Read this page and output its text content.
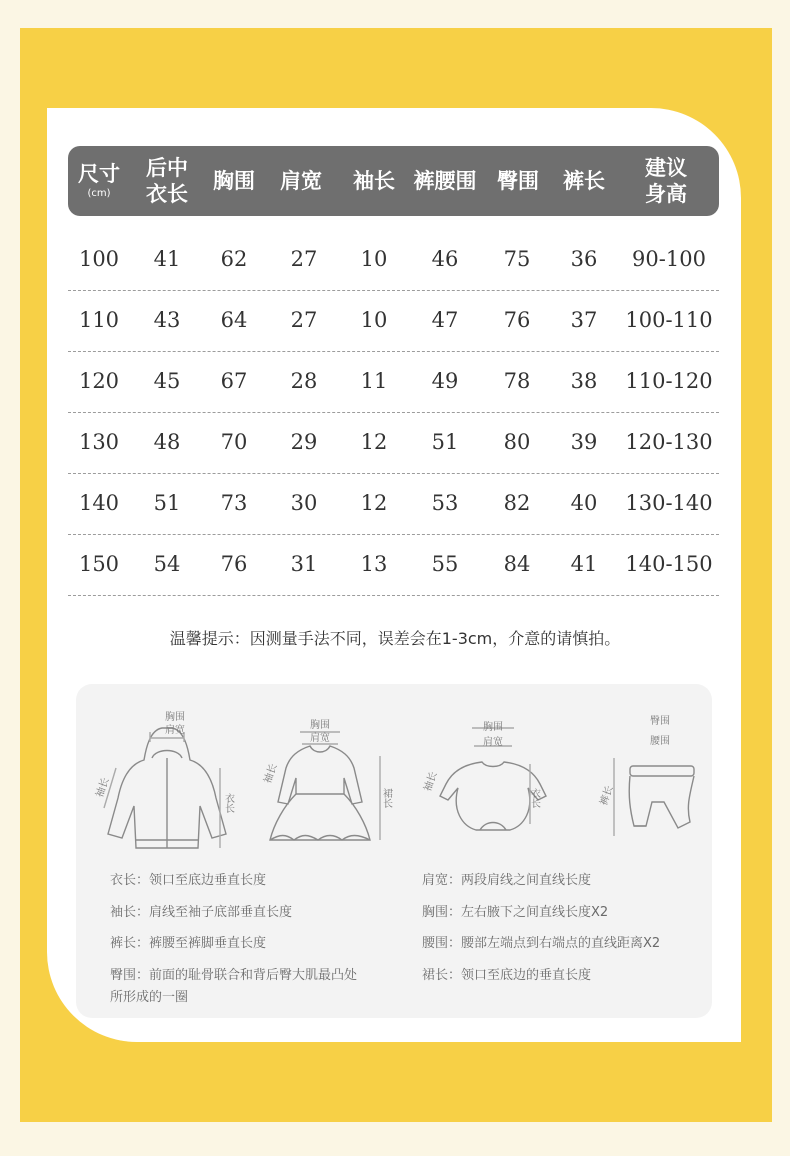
尺寸
(cm)
后中
衣长
胸围 肩宽 袖长 裤腰围 臀围 裤长
建议
身高
100 41 62 27 10 46 75 36 90-100
110 43 64 27 10 47 76 37 100-110
120 45 67 28 11 49 78 38 110-120
130 48 70 29 12 51 80 39 120-130
140 51 73 30 12 53 82 40 130-140
150 54 76 31 13 55 84 41 140-150
温馨提示：因测量手法不同，误差会在1-3cm，介意的请慎拍。
胸围
肩宽
袖长
衣长
胸围
肩宽
袖长
裙长
胸围
肩宽
袖长
衣长
臀围
腰围
裤长
衣长：领口至底边垂直长度
袖长：肩线至袖子底部垂直长度
裤长：裤腰至裤脚垂直长度
臀围：前面的耻骨联合和背后臀大肌最凸处
所形成的一圈
肩宽：两段肩线之间直线长度
胸围：左右腋下之间直线长度X2
腰围：腰部左端点到右端点的直线距离X2
裙长：领口至底边的垂直长度
